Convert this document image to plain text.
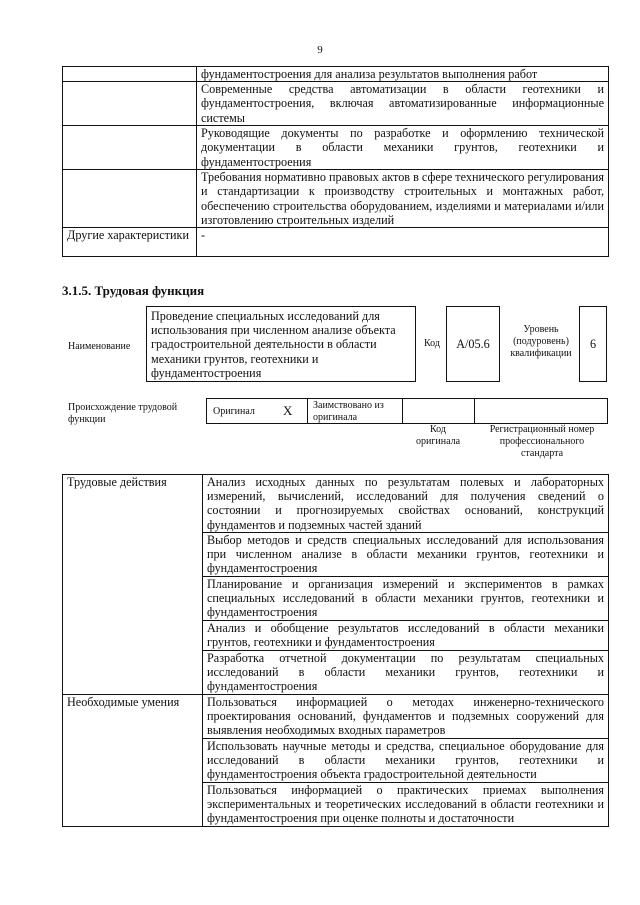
9
	фундаментостроения для анализа результатов выполнения работ
	Современные средства автоматизации в области геотехники и фундаментостроения, включая автоматизированные информационные системы
	Руководящие документы по разработке и оформлению технической документации в области механики грунтов, геотехники и фундаментостроения
	Требования нормативно правовых актов в сфере технического регулирования и стандартизации к производству строительных и монтажных работ, обеспечению строительства оборудованием, изделиями и материалами и/или изготовлению строительных изделий
Другие характеристики	-
3.1.5. Трудовая функция
Наименование
Проведение специальных исследований для использования при численном анализе объекта градостроительной деятельности в области механики грунтов, геотехники и фундаментостроения
Код	A/05.6
Уровень (подуровень) квалификации
6
Происхождение трудовой функции
Оригинал X Заимствовано из оригинала
Код оригинала
Регистрационный номер профессионального стандарта
Трудовые действия	Анализ исходных данных по результатам полевых и лабораторных измерений, вычислений, исследований для получения сведений о состоянии и прогнозируемых свойствах оснований, конструкций фундаментов и подземных частей зданий
	Выбор методов и средств специальных исследований для использования при численном анализе в области механики грунтов, геотехники и фундаментостроения
	Планирование и организация измерений и экспериментов в рамках специальных исследований в области механики грунтов, геотехники и фундаментостроения
	Анализ и обобщение результатов исследований в области механики грунтов, геотехники и фундаментостроения
	Разработка отчетной документации по результатам специальных исследований в области механики грунтов, геотехники и фундаментостроения
Необходимые умения	Пользоваться информацией о методах инженерно-технического проектирования оснований, фундаментов и подземных сооружений для выявления необходимых входных параметров
	Использовать научные методы и средства, специальное оборудование для исследований в области механики грунтов, геотехники и фундаментостроения объекта градостроительной деятельности
	Пользоваться информацией о практических приемах выполнения экспериментальных и теоретических исследований в области геотехники и фундаментостроения при оценке полноты и достаточности
